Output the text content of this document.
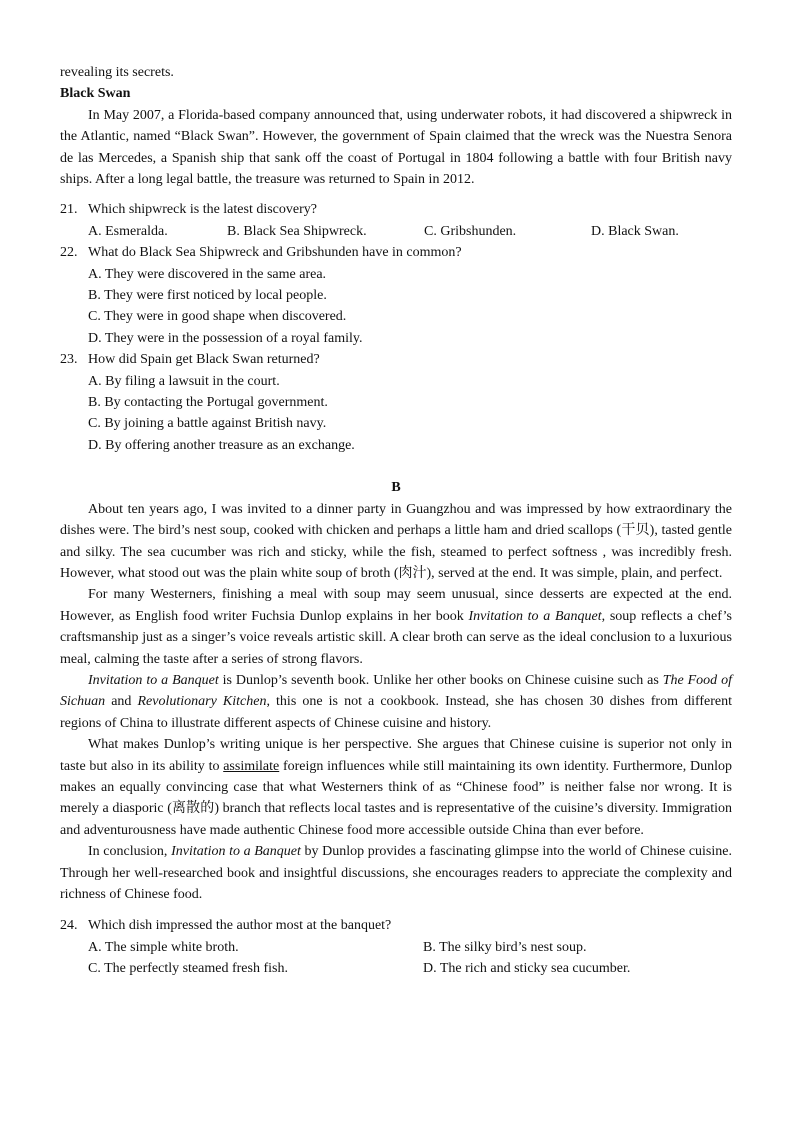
revealing its secrets.
Black Swan

In May 2007, a Florida-based company announced that, using underwater robots, it had discovered a shipwreck in the Atlantic, named “Black Swan”. However, the government of Spain claimed that the wreck was the Nuestra Senora de las Mercedes, a Spanish ship that sank off the coast of Portugal in 1804 following a battle with four British navy ships. After a long legal battle, the treasure was returned to Spain in 2012.

21. Which shipwreck is the latest discovery?
A. Esmeralda.	B. Black Sea Shipwreck.	C. Gribshunden.	D. Black Swan.
22. What do Black Sea Shipwreck and Gribshunden have in common?
A. They were discovered in the same area.
B. They were first noticed by local people.
C. They were in good shape when discovered.
D. They were in the possession of a royal family.
23. How did Spain get Black Swan returned?
A. By filing a lawsuit in the court.
B. By contacting the Portugal government.
C. By joining a battle against British navy.
D. By offering another treasure as an exchange.
B

About ten years ago, I was invited to a dinner party in Guangzhou and was impressed by how extraordinary the dishes were. The bird’s nest soup, cooked with chicken and perhaps a little ham and dried scallops (干贝), tasted gentle and silky. The sea cucumber was rich and sticky, while the fish, steamed to perfect softness , was incredibly fresh. However, what stood out was the plain white soup of broth (肉汁), served at the end. It was simple, plain, and perfect.

For many Westerners, finishing a meal with soup may seem unusual, since desserts are expected at the end. However, as English food writer Fuchsia Dunlop explains in her book Invitation to a Banquet, soup reflects a chef’s craftsmanship just as a singer’s voice reveals artistic skill. A clear broth can serve as the ideal conclusion to a luxurious meal, calming the taste after a series of strong flavors.

Invitation to a Banquet is Dunlop’s seventh book. Unlike her other books on Chinese cuisine such as The Food of Sichuan and Revolutionary Kitchen, this one is not a cookbook. Instead, she has chosen 30 dishes from different regions of China to illustrate different aspects of Chinese cuisine and history.

What makes Dunlop’s writing unique is her perspective. She argues that Chinese cuisine is superior not only in taste but also in its ability to assimilate foreign influences while still maintaining its own identity. Furthermore, Dunlop makes an equally convincing case that what Westerners think of as “Chinese food” is neither false nor wrong. It is merely a diasporic (离散的) branch that reflects local tastes and is representative of the cuisine’s diversity. Immigration and adventurousness have made authentic Chinese food more accessible outside China than ever before.

In conclusion, Invitation to a Banquet by Dunlop provides a fascinating glimpse into the world of Chinese cuisine. Through her well-researched book and insightful discussions, she encourages readers to appreciate the complexity and richness of Chinese food.

24. Which dish impressed the author most at the banquet?
A. The simple white broth.	B. The silky bird’s nest soup.
C. The perfectly steamed fresh fish.	D. The rich and sticky sea cucumber.
